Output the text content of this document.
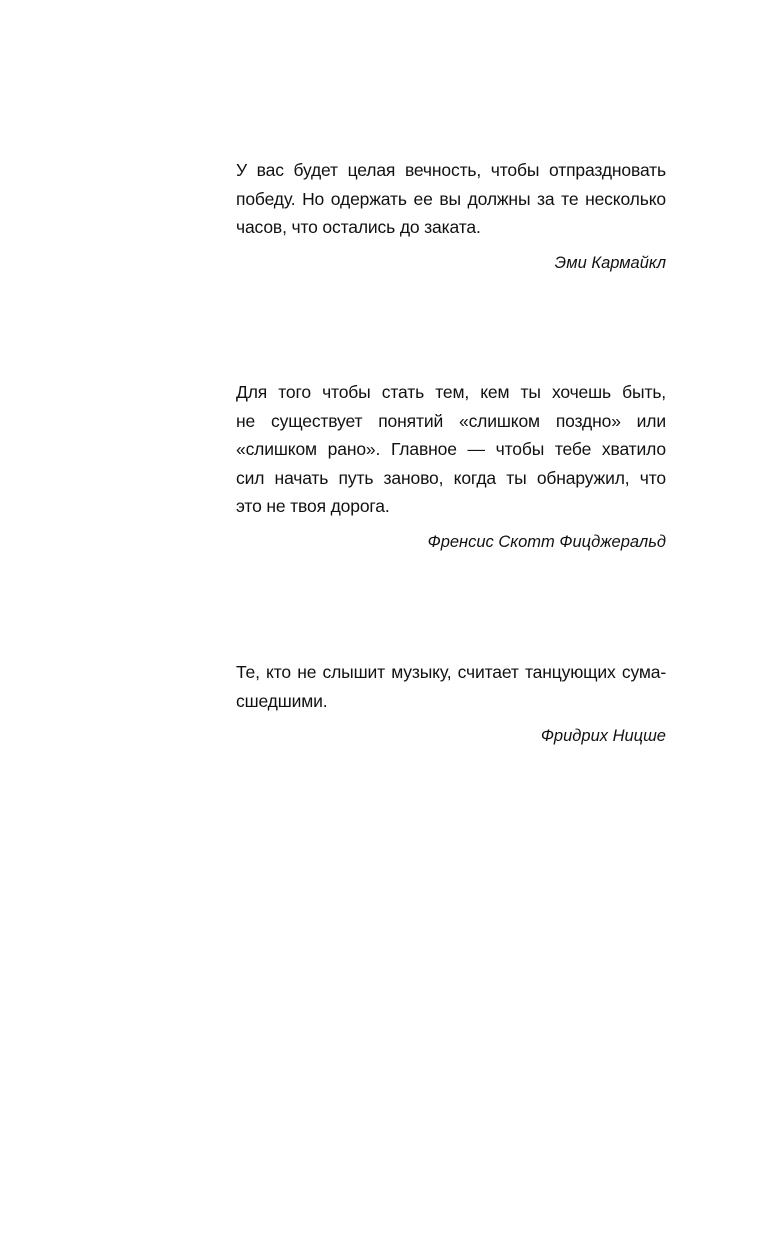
У вас будет целая вечность, чтобы отпраздновать
победу. Но одержать ее вы должны за те несколько
часов, что остались до заката.
Эми Кармайкл
Для того чтобы стать тем, кем ты хочешь быть,
не существует понятий «слишком поздно» или
«слишком рано». Главное — чтобы тебе хватило
сил начать путь заново, когда ты обнаружил, что
это не твоя дорога.
Френсис Скотт Фицджеральд
Те, кто не слышит музыку, считает танцующих сума-
сшедшими.
Фридрих Ницше
